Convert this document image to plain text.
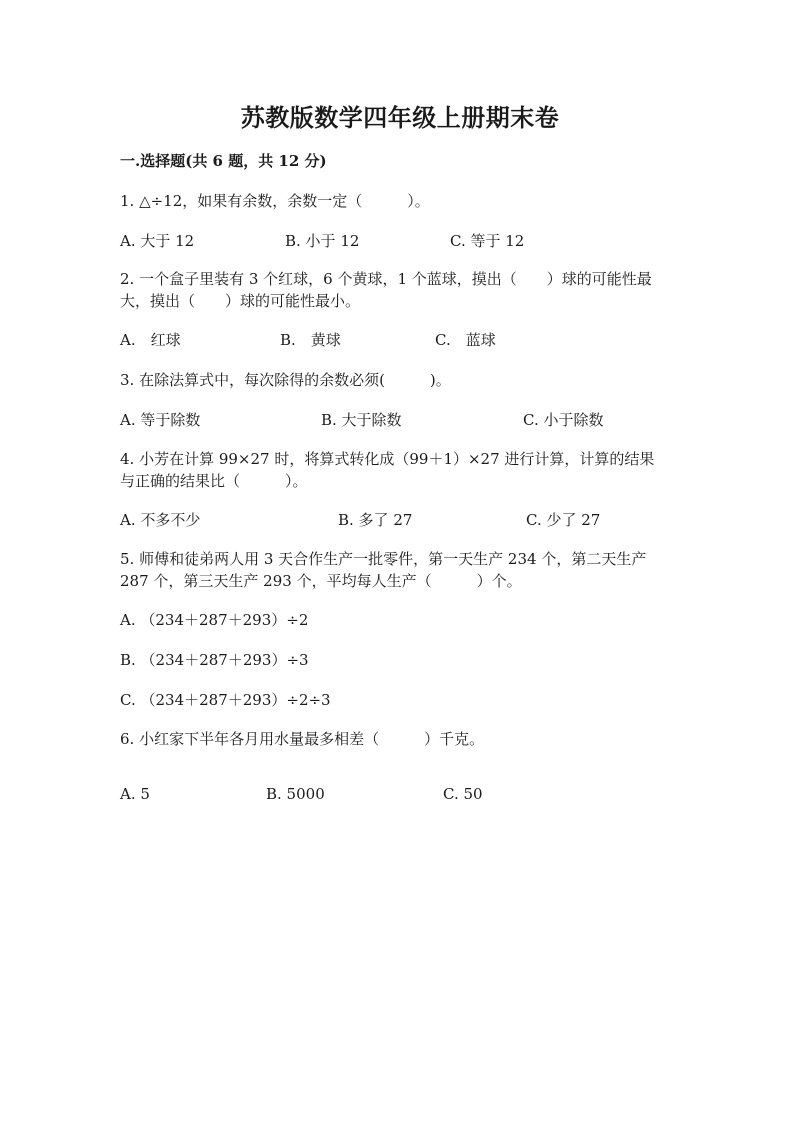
苏教版数学四年级上册期末卷
一.选择题(共 6 题，共 12 分)
1. △÷12，如果有余数，余数一定（　　　）。
A. 大于 12	B. 小于 12	C. 等于 12
2. 一个盒子里装有 3 个红球，6 个黄球，1 个蓝球，摸出（　　）球的可能性最
大，摸出（　　）球的可能性最小。
A.　红球	B.　黄球	C.　蓝球
3. 在除法算式中，每次除得的余数必须(　　　)。
A. 等于除数	B. 大于除数	C. 小于除数
4. 小芳在计算 99×27 时，将算式转化成（99＋1）×27 进行计算，计算的结果
与正确的结果比（　　　）。
A. 不多不少	B. 多了 27	C. 少了 27
5. 师傅和徒弟两人用 3 天合作生产一批零件，第一天生产 234 个，第二天生产
287 个，第三天生产 293 个，平均每人生产（　　　）个。
A. （234＋287＋293）÷2
B. （234＋287＋293）÷3
C. （234＋287＋293）÷2÷3
6. 小红家下半年各月用水量最多相差（　　　）千克。
A. 5	B. 5000	C. 50
